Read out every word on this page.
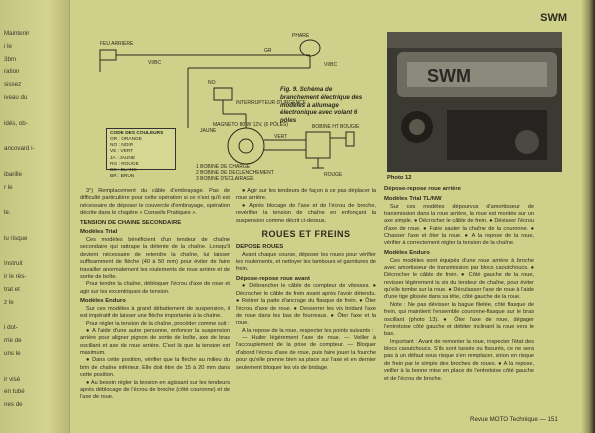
Maintenir
i le
3bm
ration
sissez
iveau du
idés, ob-
ancovard i-
ibarille
r le
le.
lu risque
Instruit
ir le rès-
trat et
z le
i dot-
rrie de
uns le
ir visé
en tubé
nes de
SWM
FEU ARRIERE
PHARE
VI/BC
VI/BC
GR
NO
INTERRUPTEUR D'URGENCE
JAUNE
MAGNETO 80 W 12V, (6 PÔLES)	BOBINE HT BOUGIE
ROUGE
VERT
1 BOBINE DE CHARGE
2 BOBINE DE DECLENCHEMENT
3 BOBINE D'ECLAIRAGE
CODE DES COULEURS
OR : ORANGE
NO : NOIR
VE : VERT
JA : JAUNE
RG : ROUGE
BC : BLANC
BR : BRUN
Fig. 9. Schéma de branchement électrique des modèles à allumage électronique avec volant 6 pôles
SWM
Photo 12

3°) Remplacement du câble d'embrayage. Pas de difficulté particulière pour cette opération si ce n'est qu'il est nécessaire de déposer le couvercle d'embrayage, opération décrite dans le chapitre « Conseils Pratiques ».

TENSION DE CHAINE SECONDAIRE
Modèles Trial

Ces modèles bénéficient d'un tendeur de chaîne secondaire qui rattrape la détente de la chaîne. Lorsqu'il devient nécessaire de retendre la chaîne, lui laisser suffisamment de flèche (40 à 50 mm) pour éviter de faire travailler anormalement les roulements de roue arrière et de sortie de boîte.

Pour tendre la chaîne, débloquer l'écrou d'axe de roue et agir sur les excentriques de tension.

Modèles Enduro

Sur ces modèles à grand débattement de suspension, il est impératif de laisser une flèche importante à la chaîne.

Pour régler la tension de la chaîne, procéder comme suit :

● A l'aide d'une autre personne, enfoncer la suspension arrière pour aligner pignon de sortie de boîte, axe de bras oscillant et axe de roue arrière. C'est là que la tension est maximum.

● Dans cette position, vérifier que la flèche au milieu du brin de chaîne inférieur. Elle doit être de 15 à 20 mm dans cette position.

● Au besoin régler la tension en agissant sur les tendeurs après déblocage de l'écrou de broche (côté couronne) et de l'axe de roue.

● Agir sur les tendeurs de façon à ce pas déplacer la roue arrière.

● Après blocage de l'axe et de l'écrou de broche, revérifier la tension de chaîne en enfonçant la suspension comme décrit ci-dessus.

ROUES ET FREINS
DEPOSE ROUES

Avant chaque course, déposer les roues pour vérifier les roulements, et nettoyer les tambours et garnitures de frein.

Dépose-repose roue avant

● Débrancher le câble de compteur de vitesses. ● Décrocher le câble de frein avant après l'avoir détendu. ● Retirer la patte d'ancrage du flasque de frein. ● Ôter l'écrou d'axe de roue. ● Desserrer les vis bridant l'axe de roue dans les bas de fourreaux. ● Ôter l'axe et la roue.

A la repose de la roue, respecter les points suivants :

— Huiler légèrement l'axe de roue. — Veiller à l'accouplement de la prise de compteur. — Bloquer d'abord l'écrou d'axe de roue, puis faire jouer la fourche pour qu'elle prenne bien sa place sur l'axe et en dernier seulement bloquer les vis de bridage.

Dépose-repose roue arrière
Modèles Trial TL/NW

Sur ces modèles dépourvus d'amortisseur de transmission dans la roue arrière, la roue est montée sur un axe simple. ● Décrocher le câble de frein. ● Dévisser l'écrou d'axe de roue. ● Faire sauter la chaîne de la couronne. ● Chasser l'axe et ôter la roue. ● A la repose de la roue, vérifier à correctement régler la tension de la chaîne.

Modèles Enduro

Ces modèles sont équipés d'une roue arrière à broche avec amortisseur de transmission par blocs caoutchoucs. ● Décrocher le câble de frein. ● Côté gauche de la roue, revisser légèrement la vis du tendeur de chaîne, pour éviter qu'elle tombe sur la roue. ● Déculasser l'axe de roue à l'aide d'une tige glissée dans sa tête, côté gauche de la roue.

Note : Ne pas dévisser la bague filetée, côté flasque de frein, qui maintient l'ensemble couronne-flasque sur le bras oscillant (photo 13). ● Ôter l'axe de roue, dégager l'entretoise côté gauche et débiter inclinant la roue vers le bas.

Important : Avant de remonter la roue, inspecter l'état des blocs caoutchoucs. S'ils sont tassés ou fissurés, ce ne sera pas à un défaut sous risque s'en remplacer, sinon en risque de frein par le simple des broches de roues. ● A la repose, veiller à la bonne mise en place de l'entretoise côté gauche et de l'écrou de broche.

Revue MOTO Technique — 151
